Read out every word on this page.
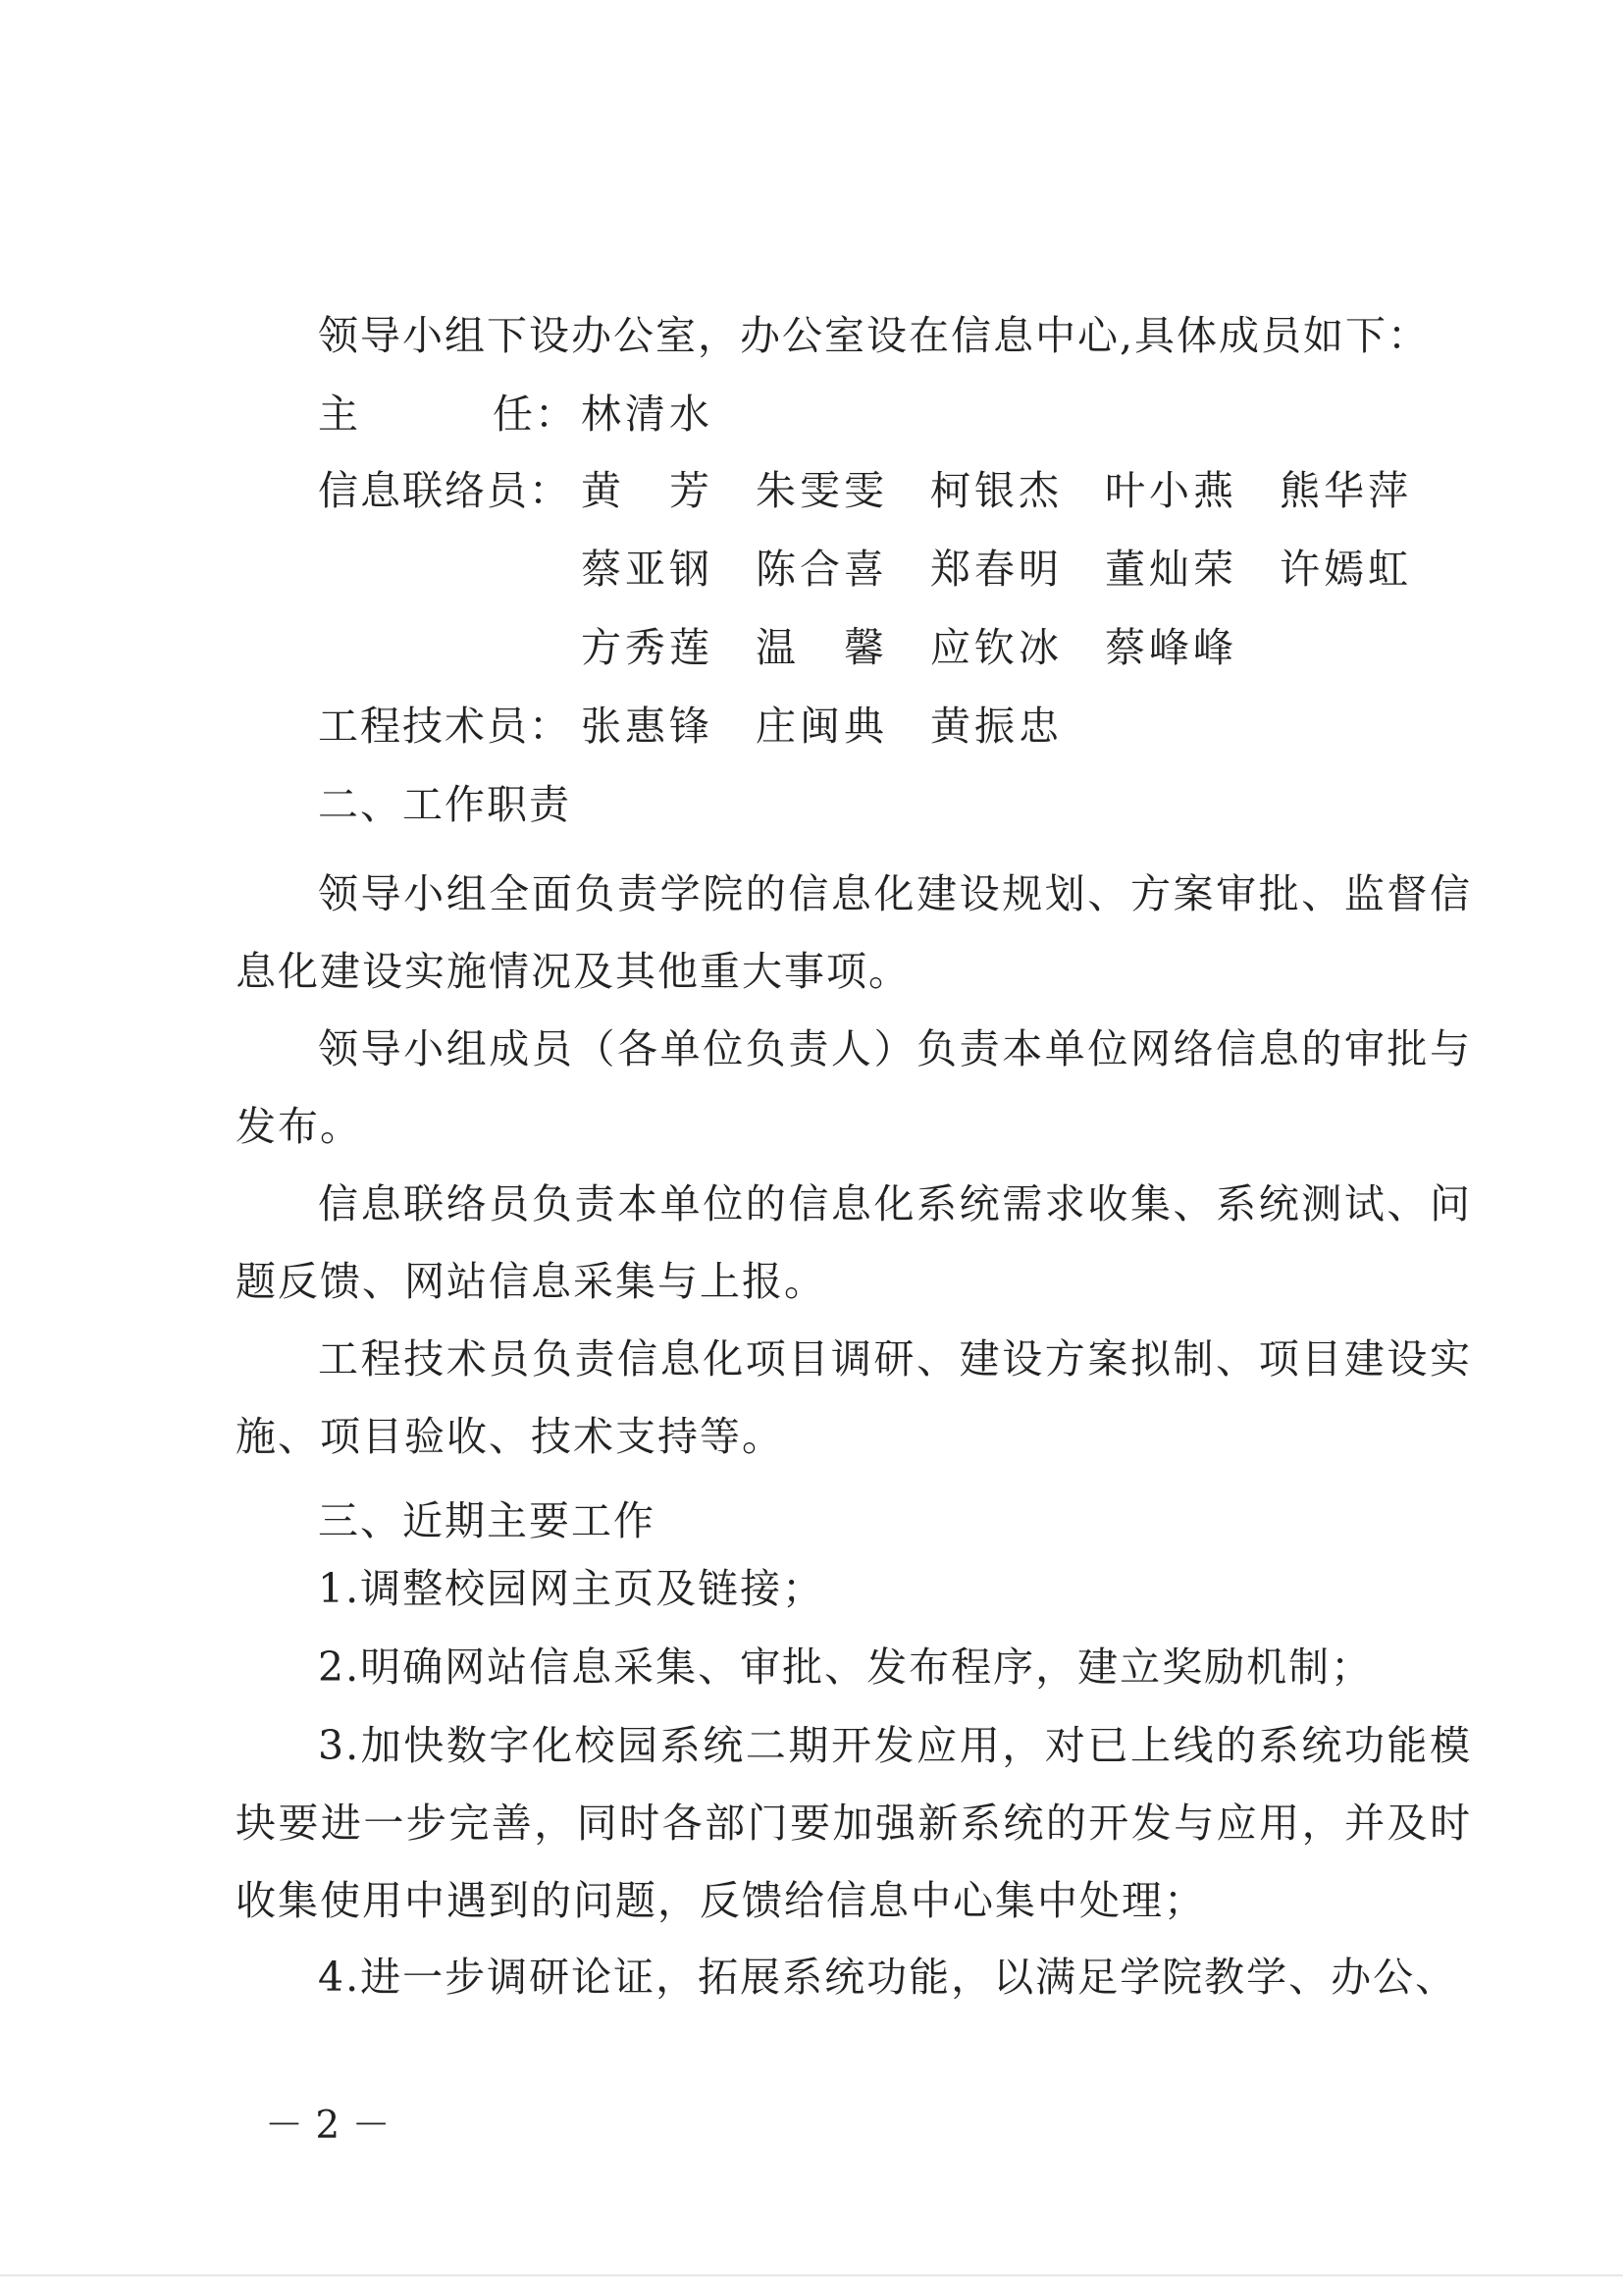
领导小组下设办公室，办公室设在信息中心,具体成员如下：
主	任： 林清水
信息联络员： 黄　芳 朱雯雯 柯银杰 叶小燕 熊华萍
蔡亚钢 陈合喜 郑春明 董灿荣 许嫣虹
方秀莲 温　馨 应钦冰 蔡峰峰
工程技术员： 张惠锋 庄闽典 黄振忠
二、工作职责
领导小组全面负责学院的信息化建设规划、方案审批、监督信息化建设实施情况及其他重大事项。
领导小组成员（各单位负责人）负责本单位网络信息的审批与发布。
信息联络员负责本单位的信息化系统需求收集、系统测试、问题反馈、网站信息采集与上报。
工程技术员负责信息化项目调研、建设方案拟制、项目建设实施、项目验收、技术支持等。
三、近期主要工作
1.调整校园网主页及链接；
2.明确网站信息采集、审批、发布程序，建立奖励机制；
3.加快数字化校园系统二期开发应用，对已上线的系统功能模块要进一步完善，同时各部门要加强新系统的开发与应用，并及时收集使用中遇到的问题，反馈给信息中心集中处理；
4.进一步调研论证，拓展系统功能，以满足学院教学、办公、
－ 2 －
